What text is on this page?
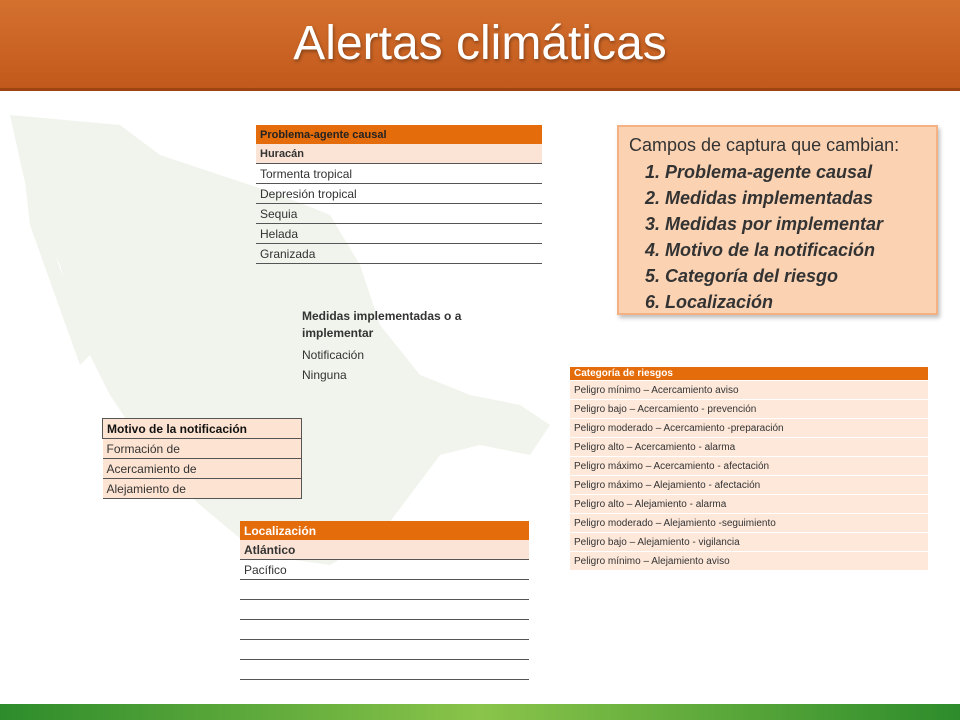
Alertas climáticas
Problema-agente causal
Huracán
Tormenta tropical
Depresión tropical
Sequia
Helada
Granizada
Medidas implementadas o a implementar
Notificación
Ninguna
Motivo de la notificación
Formación de
Acercamiento de
Alejamiento de
Localización
Atlántico
Pacífico

Categoría de riesgos
Peligro mínimo – Acercamiento aviso
Peligro bajo – Acercamiento - prevención
Peligro moderado – Acercamiento -preparación
Peligro alto – Acercamiento - alarma
Peligro máximo – Acercamiento - afectación
Peligro máximo – Alejamiento - afectación
Peligro alto – Alejamiento - alarma
Peligro moderado – Alejamiento -seguimiento
Peligro bajo – Alejamiento - vigilancia
Peligro mínimo – Alejamiento aviso
Campos de captura que cambian:
1. Problema-agente causal
2. Medidas implementadas
3. Medidas por implementar
4. Motivo de la notificación
5. Categoría del riesgo
6. Localización
